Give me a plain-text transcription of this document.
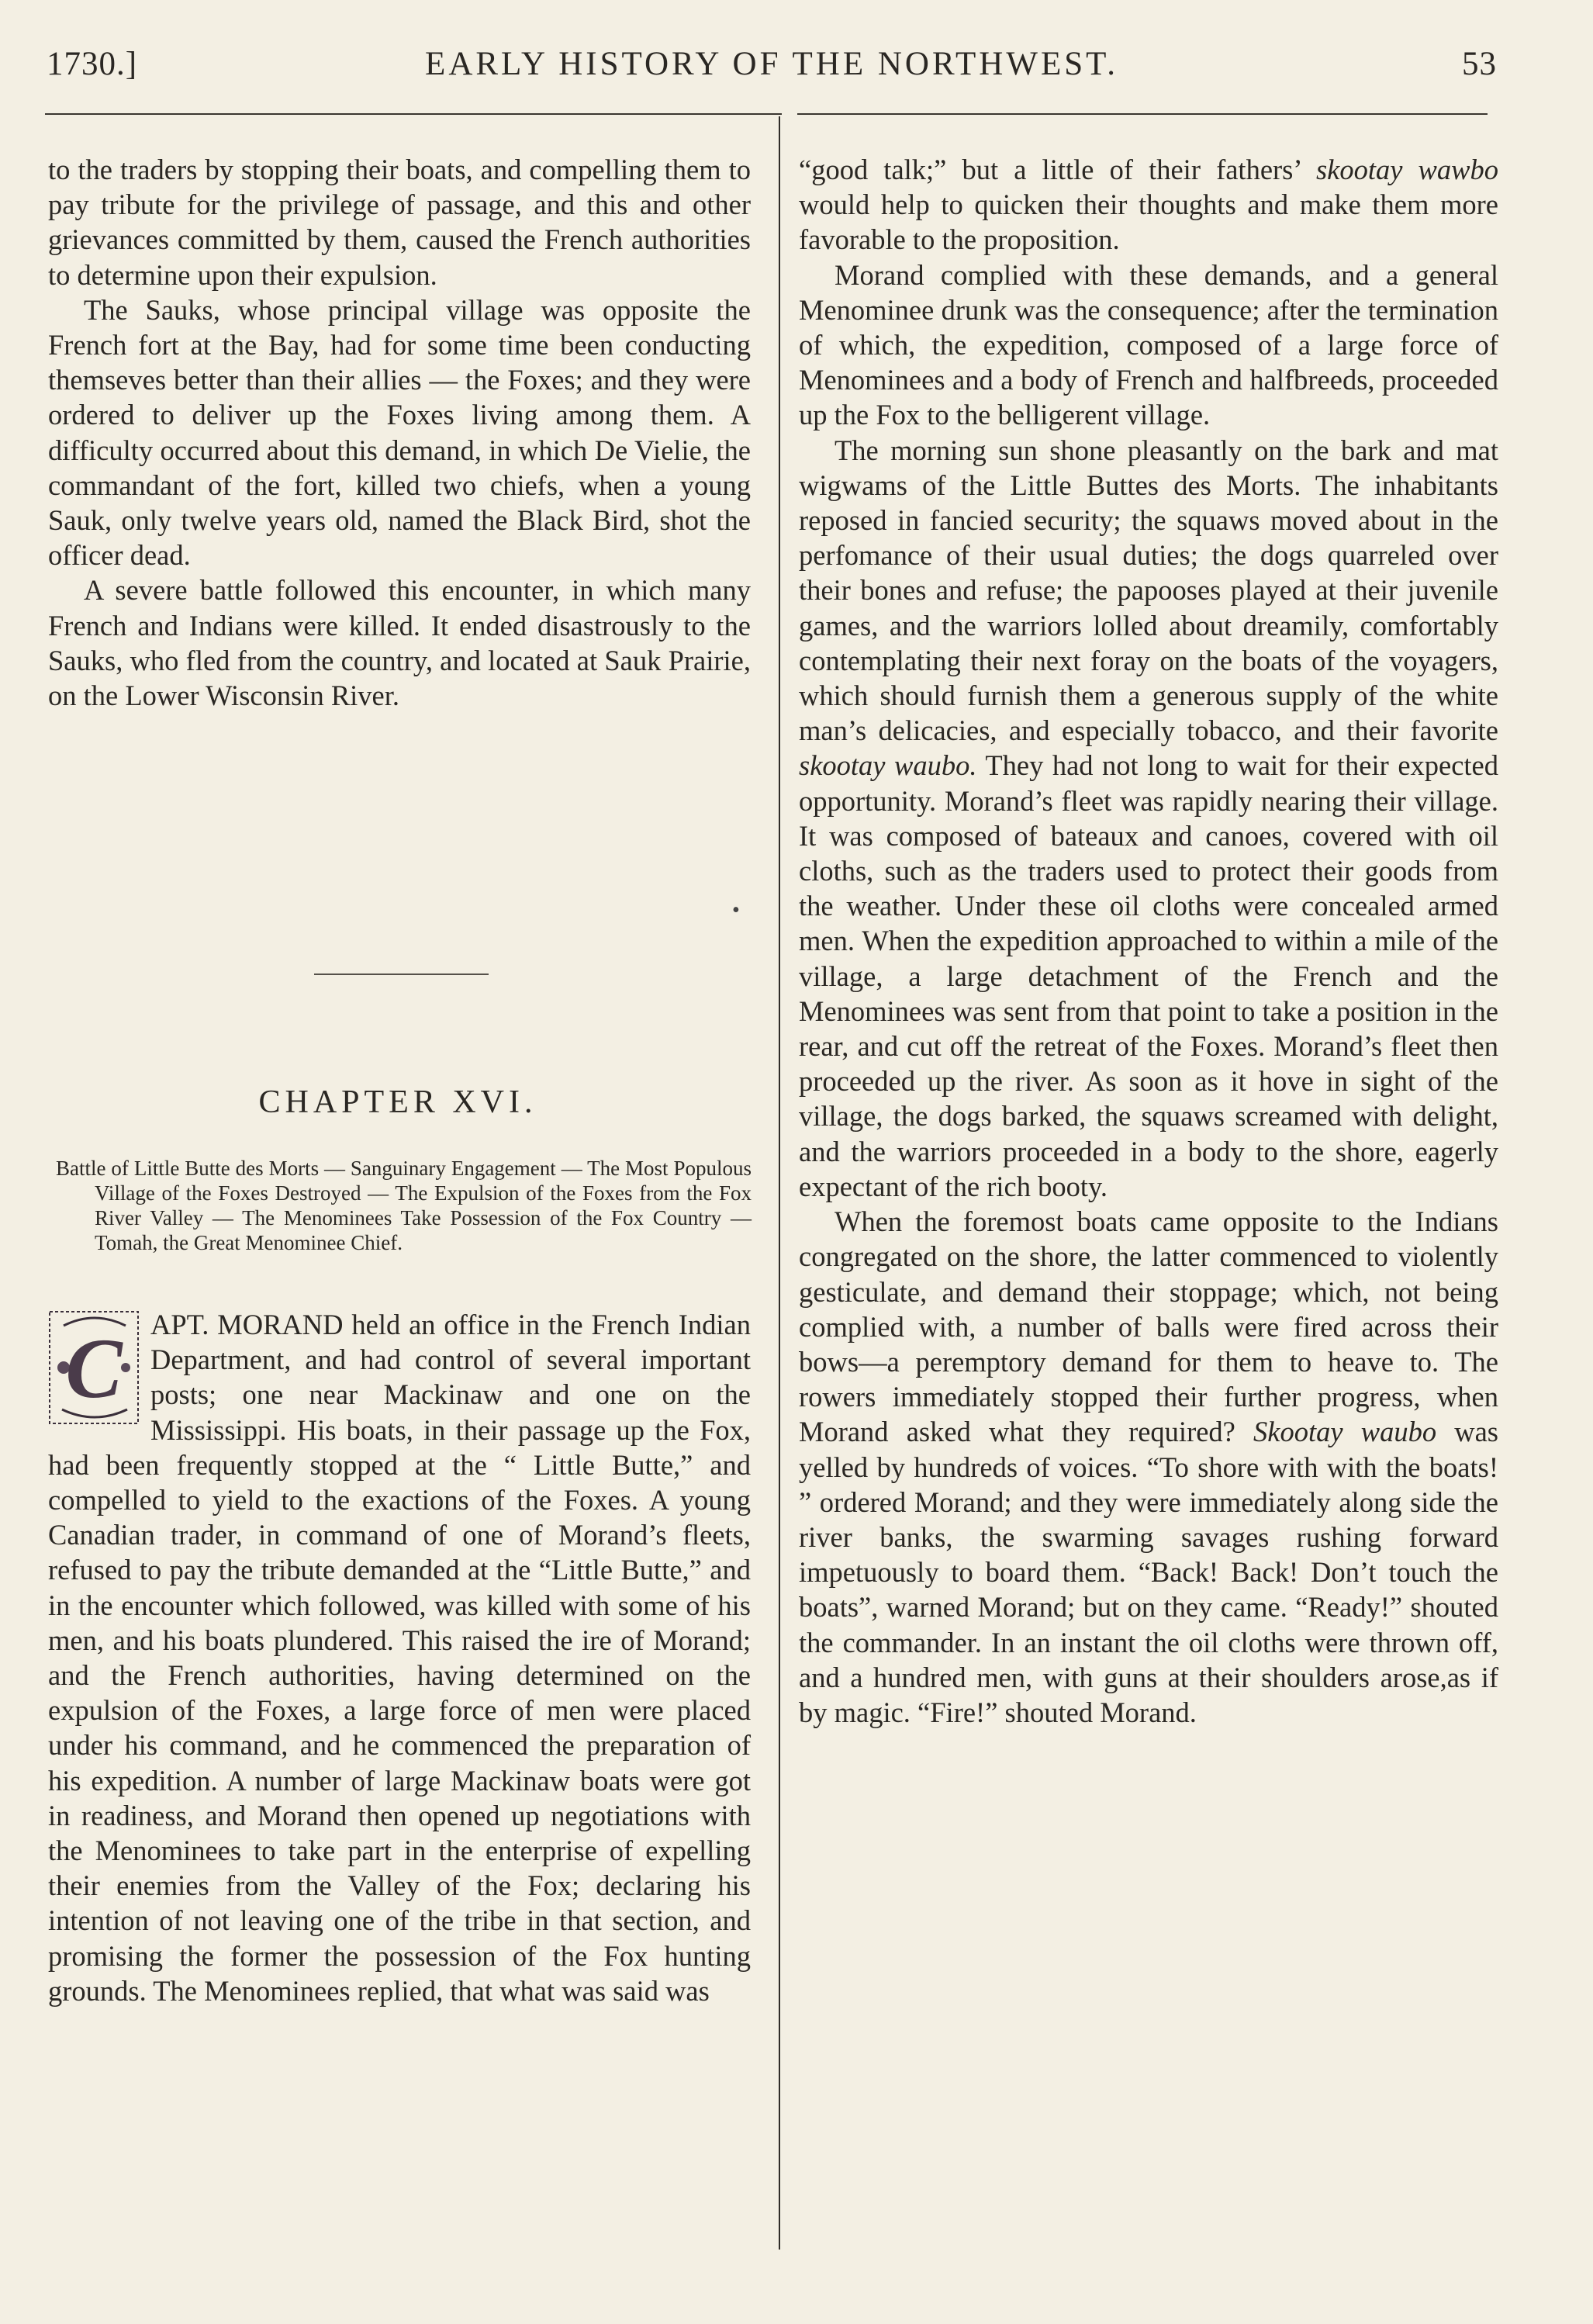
1730.]	EARLY HISTORY OF THE NORTHWEST.	53

to the traders by stopping their boats, and compelling them to pay tribute for the privilege of passage, and this and other grievances committed by them, caused the French authorities to determine upon their expulsion.

The Sauks, whose principal village was opposite the French fort at the Bay, had for some time been conducting themseves better than their allies — the Foxes; and they were ordered to deliver up the Foxes living among them. A difficulty occurred about this demand, in which De Vielie, the commandant of the fort, killed two chiefs, when a young Sauk, only twelve years old, named the Black Bird, shot the officer dead.

A severe battle followed this encounter, in which many French and Indians were killed. It ended disastrously to the Sauks, who fled from the country, and located at Sauk Prairie, on the Lower Wisconsin River.

•
CHAPTER XVI.
Battle of Little Butte des Morts — Sanguinary Engagement — The Most Populous Village of the Foxes Destroyed — The Expulsion of the Foxes from the Fox River Valley — The Menominees Take Possession of the Fox Country —Tomah, the Great Menominee Chief.
C APT. MORAND held an office in the French Indian Department, and had control of several important posts; one near Mackinaw and one on the Mississippi. His boats, in their passage up the Fox, had been frequently stopped at the “ Little Butte,” and compelled to yield to the exactions of the Foxes. A young Canadian trader, in command of one of Morand’s fleets, refused to pay the tribute demanded at the “Little Butte,” and in the encounter which followed, was killed with some of his men, and his boats plundered. This raised the ire of Morand; and the French authorities, having determined on the expulsion of the Foxes, a large force of men were placed under his command, and he commenced the preparation of his expedition. A number of large Mackinaw boats were got in readiness, and Morand then opened up negotiations with the Menominees to take part in the enterprise of expelling their enemies from the Valley of the Fox; declaring his intention of not leaving one of the tribe in that section, and promising the former the possession of the Fox hunting grounds. The Menominees replied, that what was said was

“good talk;” but a little of their fathers’ skootay wawbo would help to quicken their thoughts and make them more favorable to the proposition.

Morand complied with these demands, and a general Menominee drunk was the consequence; after the termination of which, the expedition, composed of a large force of Menominees and a body of French and halfbreeds, proceeded up the Fox to the belligerent village.

The morning sun shone pleasantly on the bark and mat wigwams of the Little Buttes des Morts. The inhabitants reposed in fancied security; the squaws moved about in the perfomance of their usual duties; the dogs quarreled over their bones and refuse; the papooses played at their juvenile games, and the warriors lolled about dreamily, comfortably contemplating their next foray on the boats of the voyagers, which should furnish them a generous supply of the white man’s delicacies, and especially tobacco, and their favorite skootay waubo. They had not long to wait for their expected opportunity. Morand’s fleet was rapidly nearing their village. It was composed of bateaux and canoes, covered with oil cloths, such as the traders used to protect their goods from the weather. Under these oil cloths were concealed armed men. When the expedition approached to within a mile of the village, a large detachment of the French and the Menominees was sent from that point to take a position in the rear, and cut off the retreat of the Foxes. Morand’s fleet then proceeded up the river. As soon as it hove in sight of the village, the dogs barked, the squaws screamed with delight, and the warriors proceeded in a body to the shore, eagerly expectant of the rich booty.

When the foremost boats came opposite to the Indians congregated on the shore, the latter commenced to violently gesticulate, and demand their stoppage; which, not being complied with, a number of balls were fired across their bows—a peremptory demand for them to heave to. The rowers immediately stopped their further progress, when Morand asked what they required? Skootay waubo was yelled by hundreds of voices. “To shore with with the boats! ” ordered Morand; and they were immediately along side the river banks, the swarming savages rushing forward impetuously to board them. “Back! Back! Don’t touch the boats”, warned Morand; but on they came. “Ready!” shouted the commander. In an instant the oil cloths were thrown off, and a hundred men, with guns at their shoulders arose,as if by magic. “Fire!” shouted Morand.
